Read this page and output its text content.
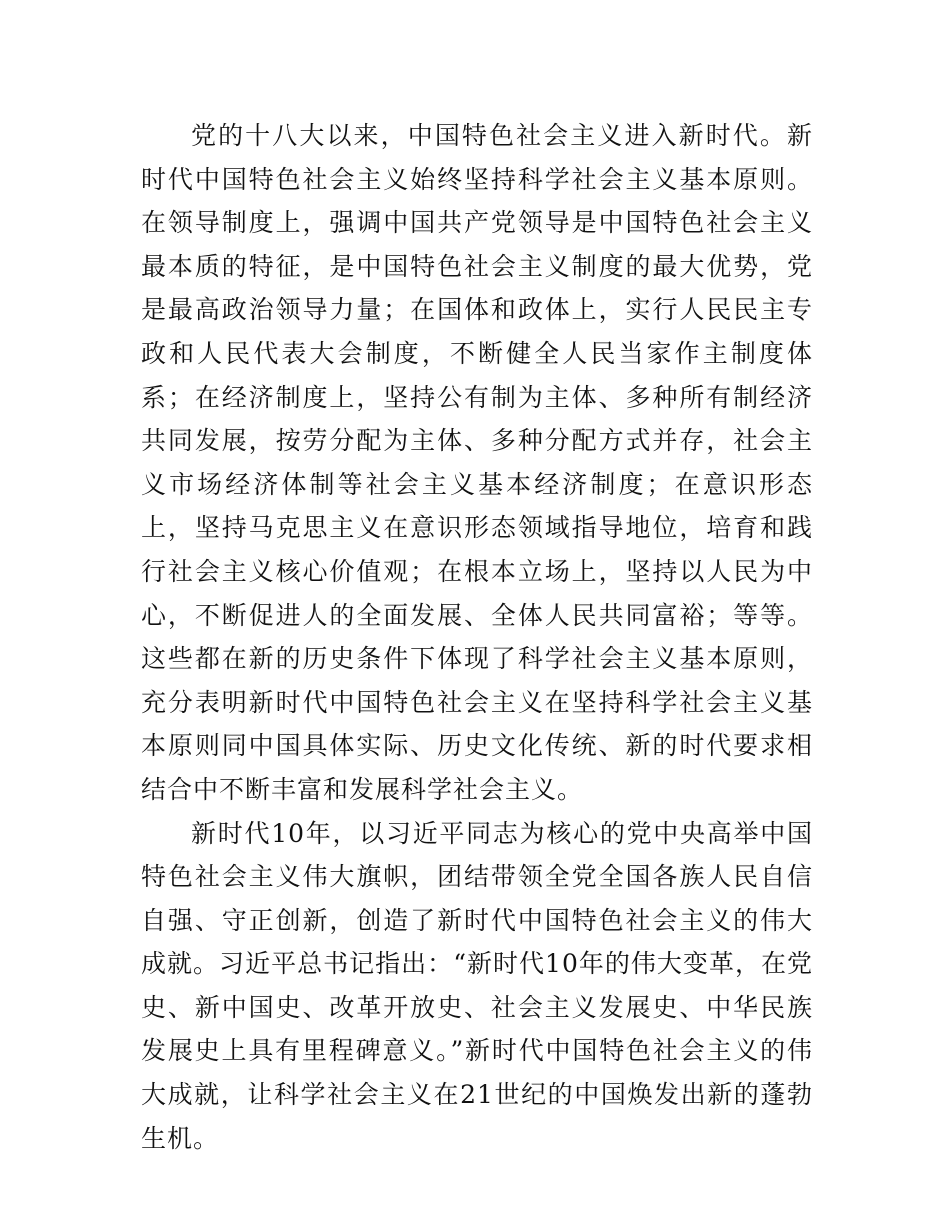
党的十八大以来，中国特色社会主义进入新时代。新时代中国特色社会主义始终坚持科学社会主义基本原则。在领导制度上，强调中国共产党领导是中国特色社会主义最本质的特征，是中国特色社会主义制度的最大优势，党是最高政治领导力量；在国体和政体上，实行人民民主专政和人民代表大会制度，不断健全人民当家作主制度体系；在经济制度上，坚持公有制为主体、多种所有制经济共同发展，按劳分配为主体、多种分配方式并存，社会主义市场经济体制等社会主义基本经济制度；在意识形态上，坚持马克思主义在意识形态领域指导地位，培育和践行社会主义核心价值观；在根本立场上，坚持以人民为中心，不断促进人的全面发展、全体人民共同富裕；等等。这些都在新的历史条件下体现了科学社会主义基本原则，充分表明新时代中国特色社会主义在坚持科学社会主义基本原则同中国具体实际、历史文化传统、新的时代要求相结合中不断丰富和发展科学社会主义。

新时代10年，以习近平同志为核心的党中央高举中国特色社会主义伟大旗帜，团结带领全党全国各族人民自信自强、守正创新，创造了新时代中国特色社会主义的伟大成就。习近平总书记指出：“新时代10年的伟大变革，在党史、新中国史、改革开放史、社会主义发展史、中华民族发展史上具有里程碑意义。”新时代中国特色社会主义的伟大成就，让科学社会主义在21世纪的中国焕发出新的蓬勃生机。
